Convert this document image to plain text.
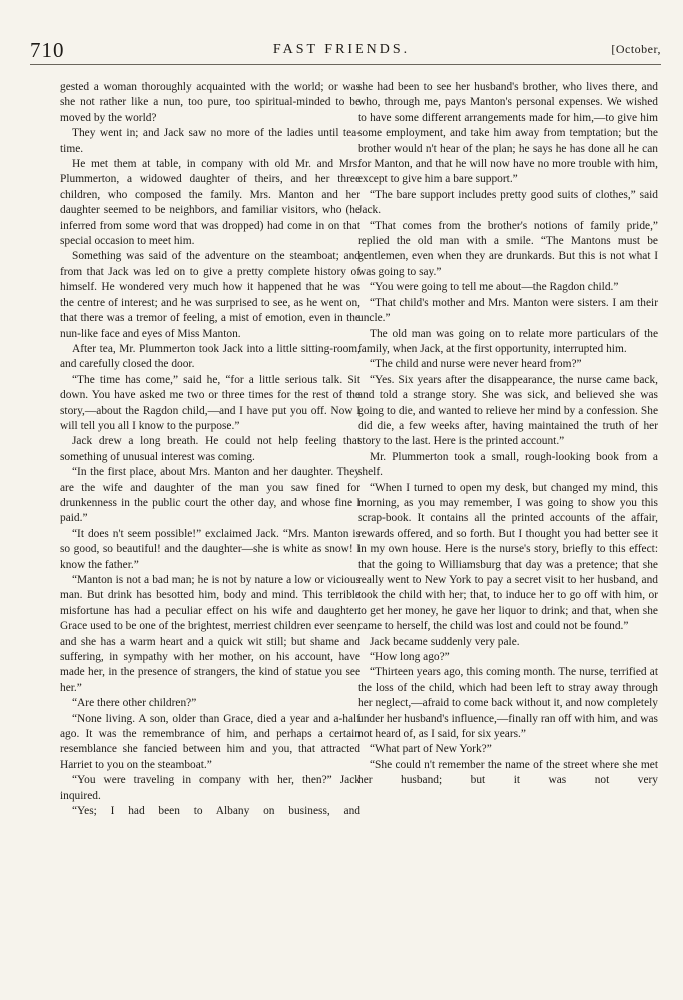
710	FAST FRIENDS.	[October,

gested a woman thoroughly acquainted with the world; or was she not rather like a nun, too pure, too spiritual-minded to be moved by the world?

They went in; and Jack saw no more of the ladies until tea-time.

He met them at table, in company with old Mr. and Mrs. Plummerton, a widowed daughter of theirs, and her three children, who composed the family. Mrs. Manton and her daughter seemed to be neighbors, and familiar visitors, who (he inferred from some word that was dropped) had come in on that special occasion to meet him.

Something was said of the adventure on the steamboat; and from that Jack was led on to give a pretty complete history of himself. He wondered very much how it happened that he was the centre of interest; and he was surprised to see, as he went on, that there was a tremor of feeling, a mist of emotion, even in the nun-like face and eyes of Miss Manton.

After tea, Mr. Plummerton took Jack into a little sitting-room, and carefully closed the door.

“The time has come,” said he, “for a little serious talk. Sit down. You have asked me two or three times for the rest of the story,—about the Ragdon child,—and I have put you off. Now I will tell you all I know to the purpose.”

Jack drew a long breath. He could not help feeling that something of unusual interest was coming.

“In the first place, about Mrs. Manton and her daughter. They are the wife and daughter of the man you saw fined for drunkenness in the public court the other day, and whose fine I paid.”

“It does n't seem possible!” exclaimed Jack. “Mrs. Manton is so good, so beautiful! and the daughter—she is white as snow! I know the father.”

“Manton is not a bad man; he is not by nature a low or vicious man. But drink has besotted him, body and mind. This terrible misfortune has had a peculiar effect on his wife and daughter. Grace used to be one of the brightest, merriest children ever seen; and she has a warm heart and a quick wit still; but shame and suffering, in sympathy with her mother, on his account, have made her, in the presence of strangers, the kind of statue you see her.”

“Are there other children?”

“None living. A son, older than Grace, died a year and a-half ago. It was the remembrance of him, and perhaps a certain resemblance she fancied between him and you, that attracted Harriet to you on the steamboat.”

“You were traveling in company with her, then?” Jack inquired.

“Yes; I had been to Albany on business, and

she had been to see her husband's brother, who lives there, and who, through me, pays Manton's personal expenses. We wished to have some different arrangements made for him,—to give him some employment, and take him away from temptation; but the brother would n't hear of the plan; he says he has done all he can for Manton, and that he will now have no more trouble with him, except to give him a bare support.”

“The bare support includes pretty good suits of clothes,” said Jack.

“That comes from the brother's notions of family pride,” replied the old man with a smile. “The Mantons must be gentlemen, even when they are drunkards. But this is not what I was going to say.”

“You were going to tell me about—the Ragdon child.”

“That child's mother and Mrs. Manton were sisters. I am their uncle.”

The old man was going on to relate more particulars of the family, when Jack, at the first opportunity, interrupted him.

“The child and nurse were never heard from?”

“Yes. Six years after the disappearance, the nurse came back, and told a strange story. She was sick, and believed she was going to die, and wanted to relieve her mind by a confession. She did die, a few weeks after, having maintained the truth of her story to the last. Here is the printed account.”

Mr. Plummerton took a small, rough-looking book from a shelf.

“When I turned to open my desk, but changed my mind, this morning, as you may remember, I was going to show you this scrap-book. It contains all the printed accounts of the affair, rewards offered, and so forth. But I thought you had better see it in my own house. Here is the nurse's story, briefly to this effect: that the going to Williamsburg that day was a pretence; that she really went to New York to pay a secret visit to her husband, and took the child with her; that, to induce her to go off with him, or to get her money, he gave her liquor to drink; and that, when she came to herself, the child was lost and could not be found.”

Jack became suddenly very pale.

“How long ago?”

“Thirteen years ago, this coming month. The nurse, terrified at the loss of the child, which had been left to stray away through her neglect,—afraid to come back without it, and now completely under her husband's influence,—finally ran off with him, and was not heard of, as I said, for six years.”

“What part of New York?”

“She could n't remember the name of the street where she met her husband; but it was not very
